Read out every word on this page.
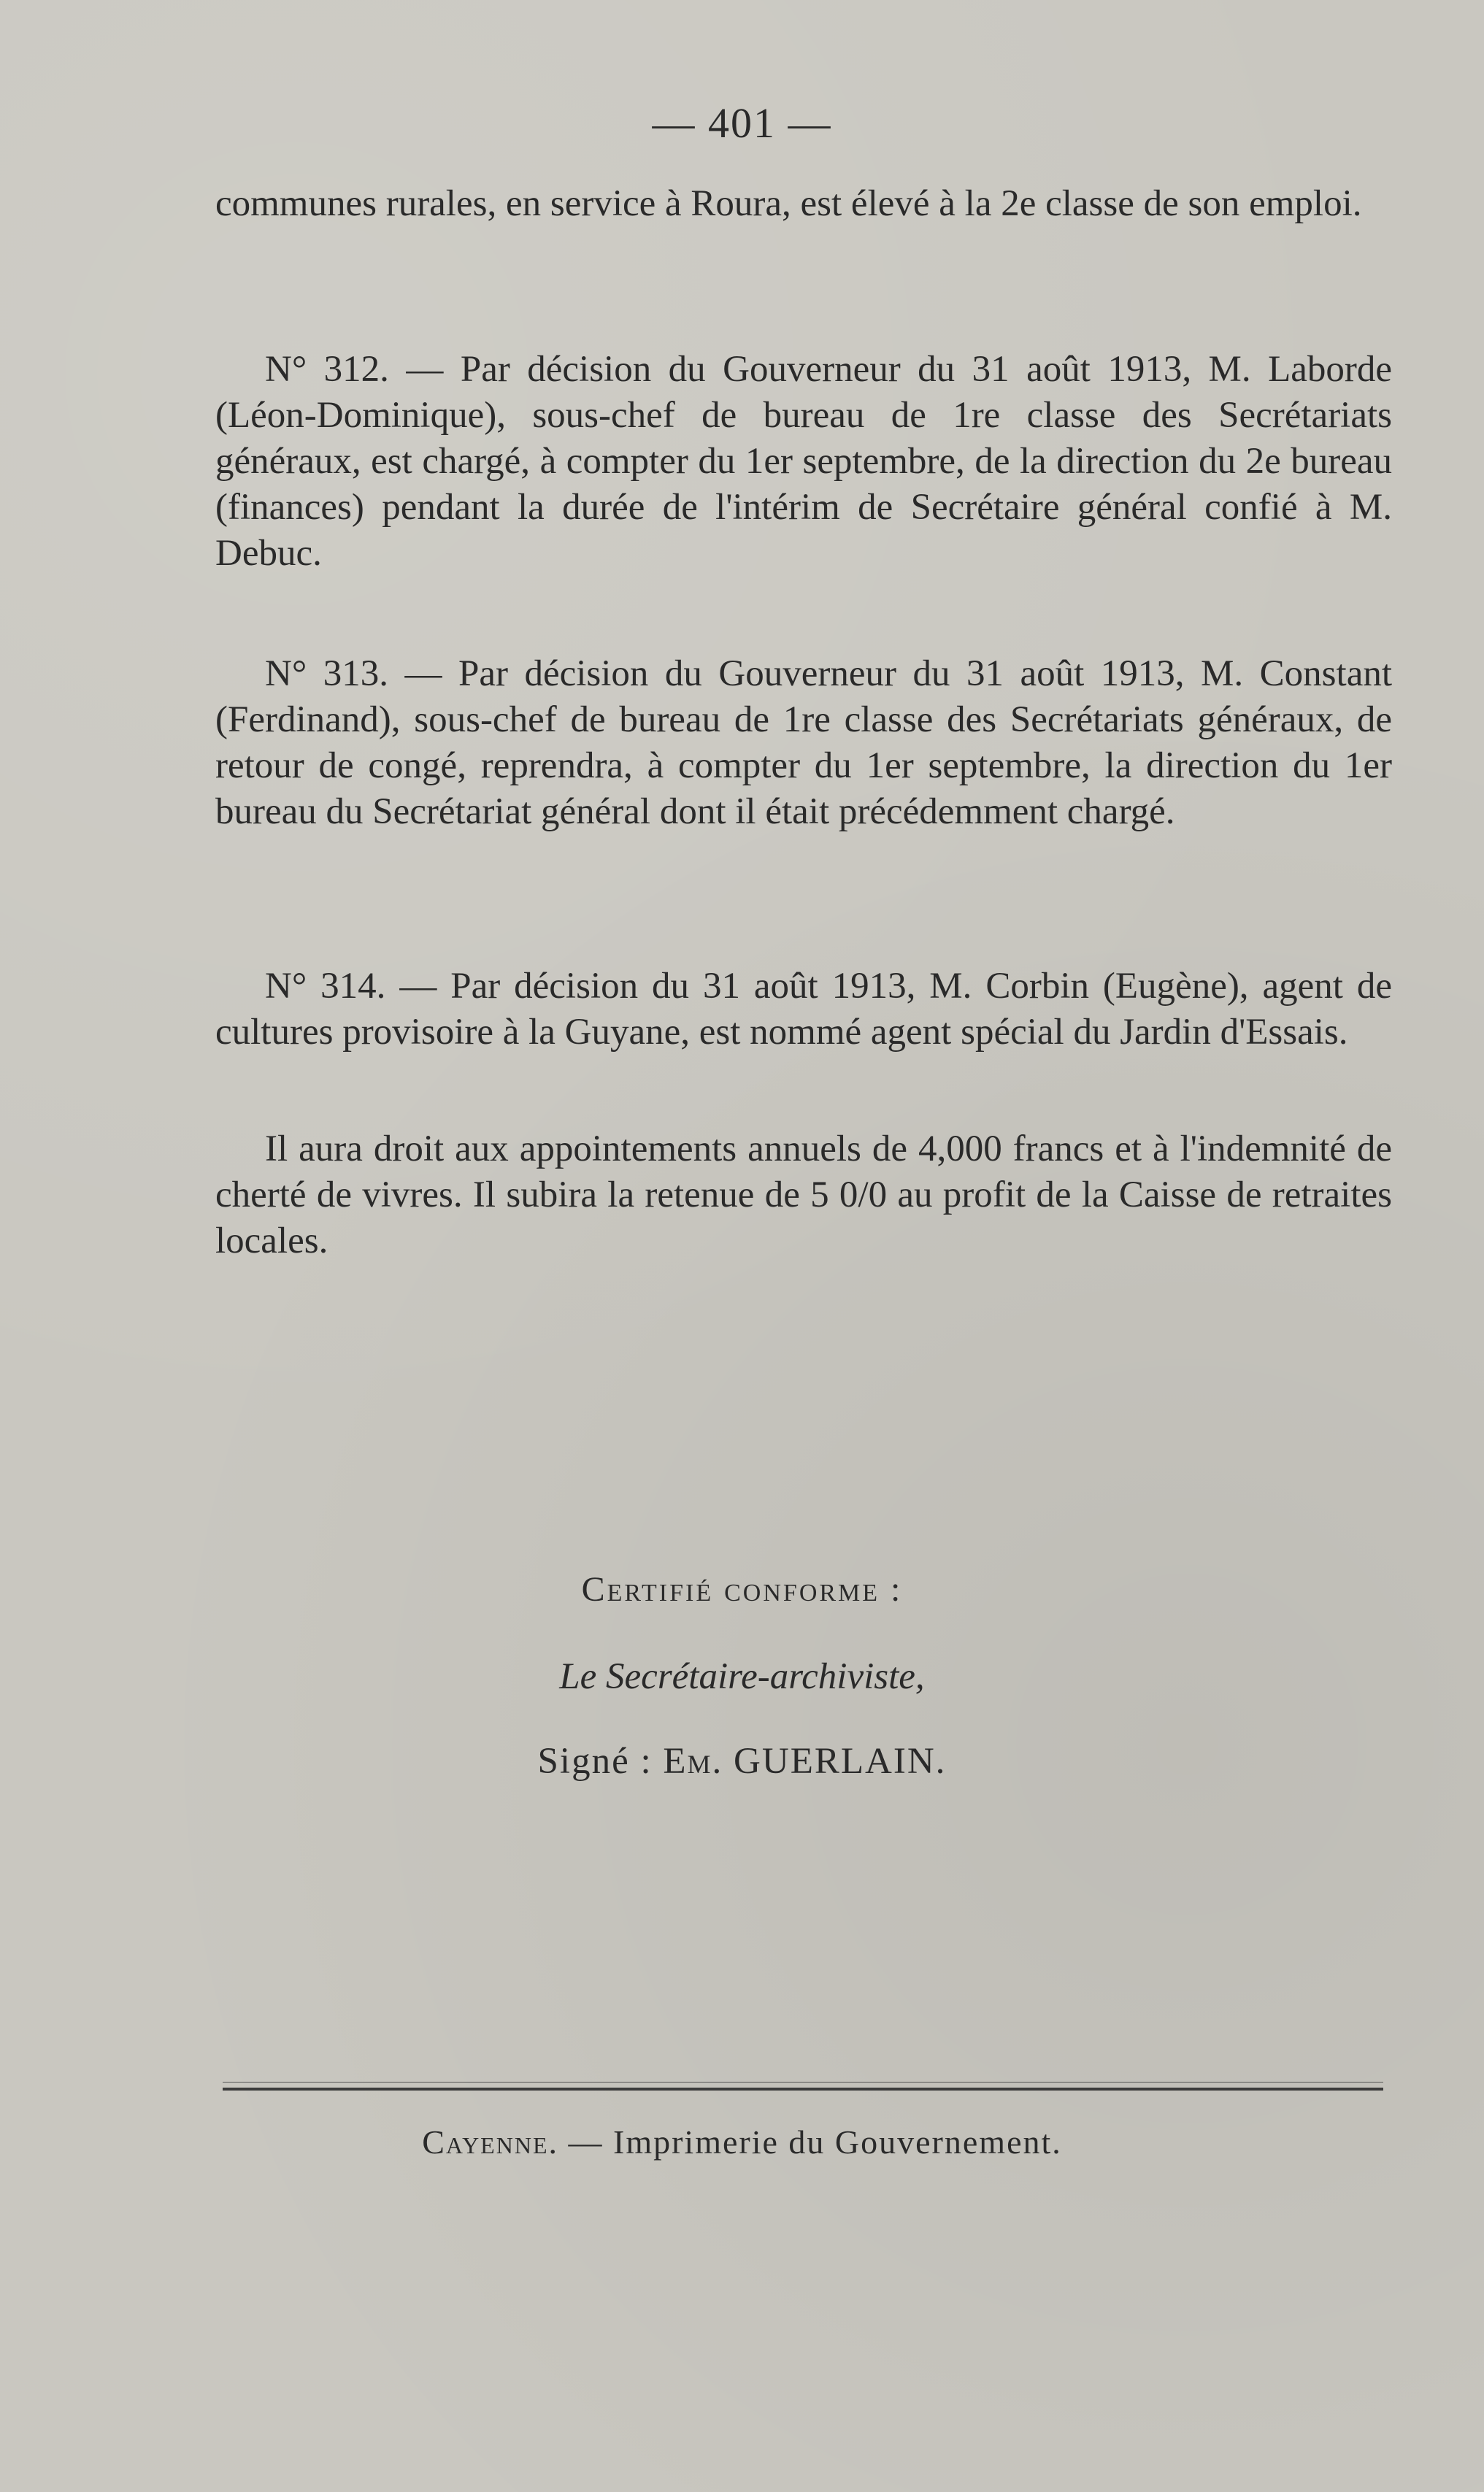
— 401 —

communes rurales, en service à Roura, est élevé à la 2e classe de son emploi.

N° 312. — Par décision du Gouverneur du 31 août 1913, M. Laborde (Léon-Dominique), sous-chef de bureau de 1re classe des Secrétariats généraux, est chargé, à compter du 1er septembre, de la direction du 2e bureau (finances) pendant la durée de l'intérim de Secrétaire général confié à M. Debuc.

N° 313. — Par décision du Gouverneur du 31 août 1913, M. Constant (Ferdinand), sous-chef de bureau de 1re classe des Secrétariats généraux, de retour de congé, reprendra, à compter du 1er septembre, la direction du 1er bureau du Secrétariat général dont il était précédemment chargé.

N° 314. — Par décision du 31 août 1913, M. Corbin (Eugène), agent de cultures provisoire à la Guyane, est nommé agent spécial du Jardin d'Essais.

Il aura droit aux appointements annuels de 4,000 francs et à l'indemnité de cherté de vivres. Il subira la retenue de 5 0/0 au profit de la Caisse de retraites locales.

Certifié conforme :
Le Secrétaire-archiviste,
Signé : Em. GUERLAIN.
Cayenne. — Imprimerie du Gouvernement.
